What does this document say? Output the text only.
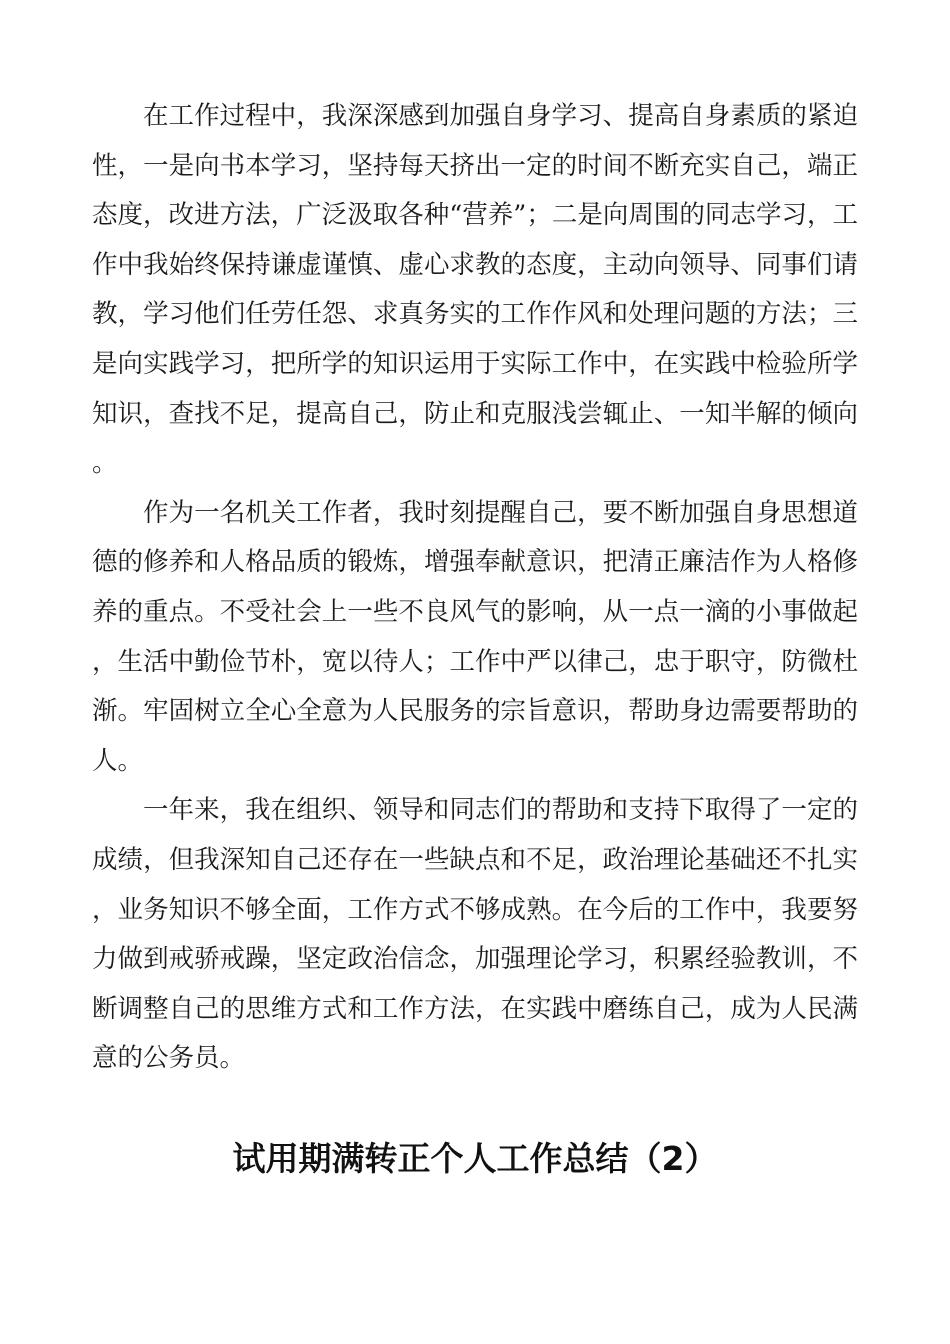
在工作过程中，我深深感到加强自身学习、提高自身素质的紧迫性，一是向书本学习，坚持每天挤出一定的时间不断充实自己，端正态度，改进方法，广泛汲取各种“营养”；二是向周围的同志学习，工作中我始终保持谦虚谨慎、虚心求教的态度，主动向领导、同事们请教，学习他们任劳任怨、求真务实的工作作风和处理问题的方法；三是向实践学习，把所学的知识运用于实际工作中，在实践中检验所学知识，查找不足，提高自己，防止和克服浅尝辄止、一知半解的倾向。

作为一名机关工作者，我时刻提醒自己，要不断加强自身思想道德的修养和人格品质的锻炼，增强奉献意识，把清正廉洁作为人格修养的重点。不受社会上一些不良风气的影响，从一点一滴的小事做起，生活中勤俭节朴，宽以待人；工作中严以律己，忠于职守，防微杜渐。牢固树立全心全意为人民服务的宗旨意识，帮助身边需要帮助的人。

一年来，我在组织、领导和同志们的帮助和支持下取得了一定的成绩，但我深知自己还存在一些缺点和不足，政治理论基础还不扎实，业务知识不够全面，工作方式不够成熟。在今后的工作中，我要努力做到戒骄戒躁，坚定政治信念，加强理论学习，积累经验教训，不断调整自己的思维方式和工作方法，在实践中磨练自己，成为人民满意的公务员。

试用期满转正个人工作总结（2）
